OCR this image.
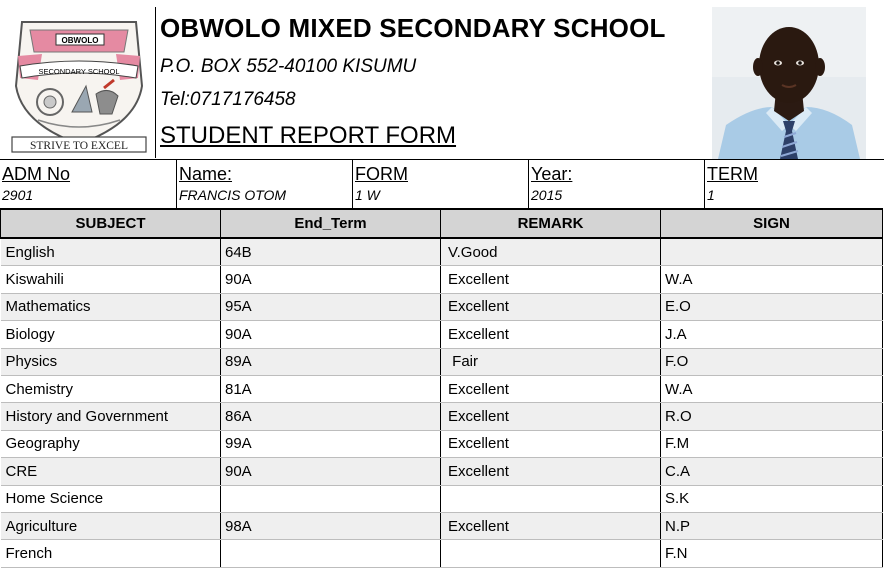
OBWOLO
SECONDARY SCHOOL
STRIVE TO EXCEL
OBWOLO MIXED SECONDARY SCHOOL
P.O. BOX 552-40100 KISUMU
Tel:0717176458
STUDENT REPORT FORM
ADM No
2901
Name:
FRANCIS OTOM
FORM
1 W
Year:
2015
TERM
1
SUBJECT	End_Term	REMARK	SIGN
English	64B	V.Good	
Kiswahili	90A	Excellent	W.A
Mathematics	95A	Excellent	E.O
Biology	90A	Excellent	J.A
Physics	89A	Fair	F.O
Chemistry	81A	Excellent	W.A
History and Government	86A	Excellent	R.O
Geography	99A	Excellent	F.M
CRE	90A	Excellent	C.A
Home Science			S.K
Agriculture	98A	Excellent	N.P
French			F.N
